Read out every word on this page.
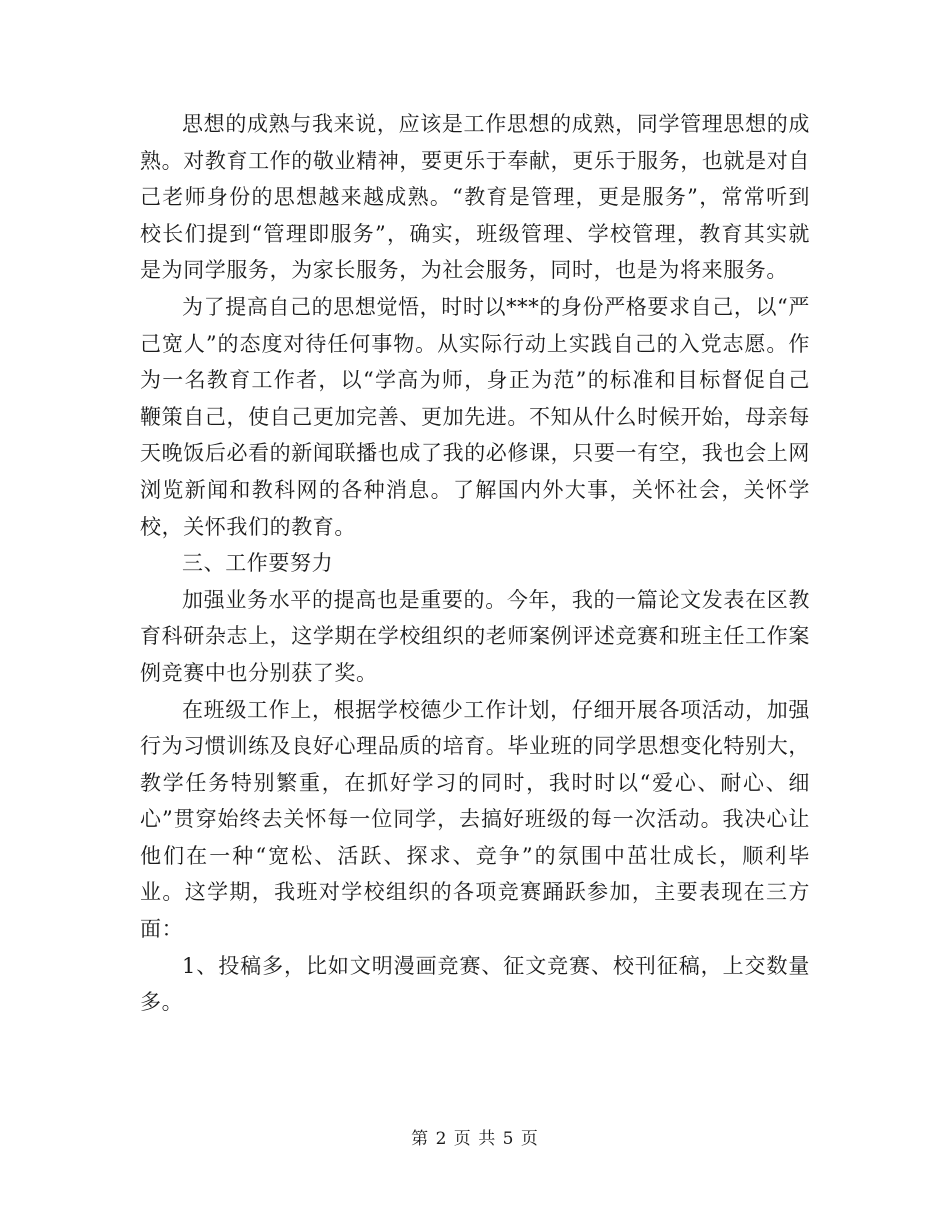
思想的成熟与我来说，应该是工作思想的成熟，同学管理思想的成熟。对教育工作的敬业精神，要更乐于奉献，更乐于服务，也就是对自己老师身份的思想越来越成熟。“教育是管理，更是服务”，常常听到校长们提到“管理即服务”，确实，班级管理、学校管理，教育其实就是为同学服务，为家长服务，为社会服务，同时，也是为将来服务。

为了提高自己的思想觉悟，时时以***的身份严格要求自己，以“严己宽人”的态度对待任何事物。从实际行动上实践自己的入党志愿。作为一名教育工作者，以“学高为师，身正为范”的标准和目标督促自己鞭策自己，使自己更加完善、更加先进。不知从什么时候开始，母亲每天晚饭后必看的新闻联播也成了我的必修课，只要一有空，我也会上网浏览新闻和教科网的各种消息。了解国内外大事，关怀社会，关怀学校，关怀我们的教育。

三、工作要努力

加强业务水平的提高也是重要的。今年，我的一篇论文发表在区教育科研杂志上，这学期在学校组织的老师案例评述竞赛和班主任工作案例竞赛中也分别获了奖。

在班级工作上，根据学校德少工作计划，仔细开展各项活动，加强行为习惯训练及良好心理品质的培育。毕业班的同学思想变化特别大，教学任务特别繁重，在抓好学习的同时，我时时以“爱心、耐心、细心”贯穿始终去关怀每一位同学，去搞好班级的每一次活动。我决心让他们在一种“宽松、活跃、探求、竞争”的氛围中茁壮成长，顺利毕业。这学期，我班对学校组织的各项竞赛踊跃参加，主要表现在三方面：

1、投稿多，比如文明漫画竞赛、征文竞赛、校刊征稿，上交数量多。

第 2 页 共 5 页
